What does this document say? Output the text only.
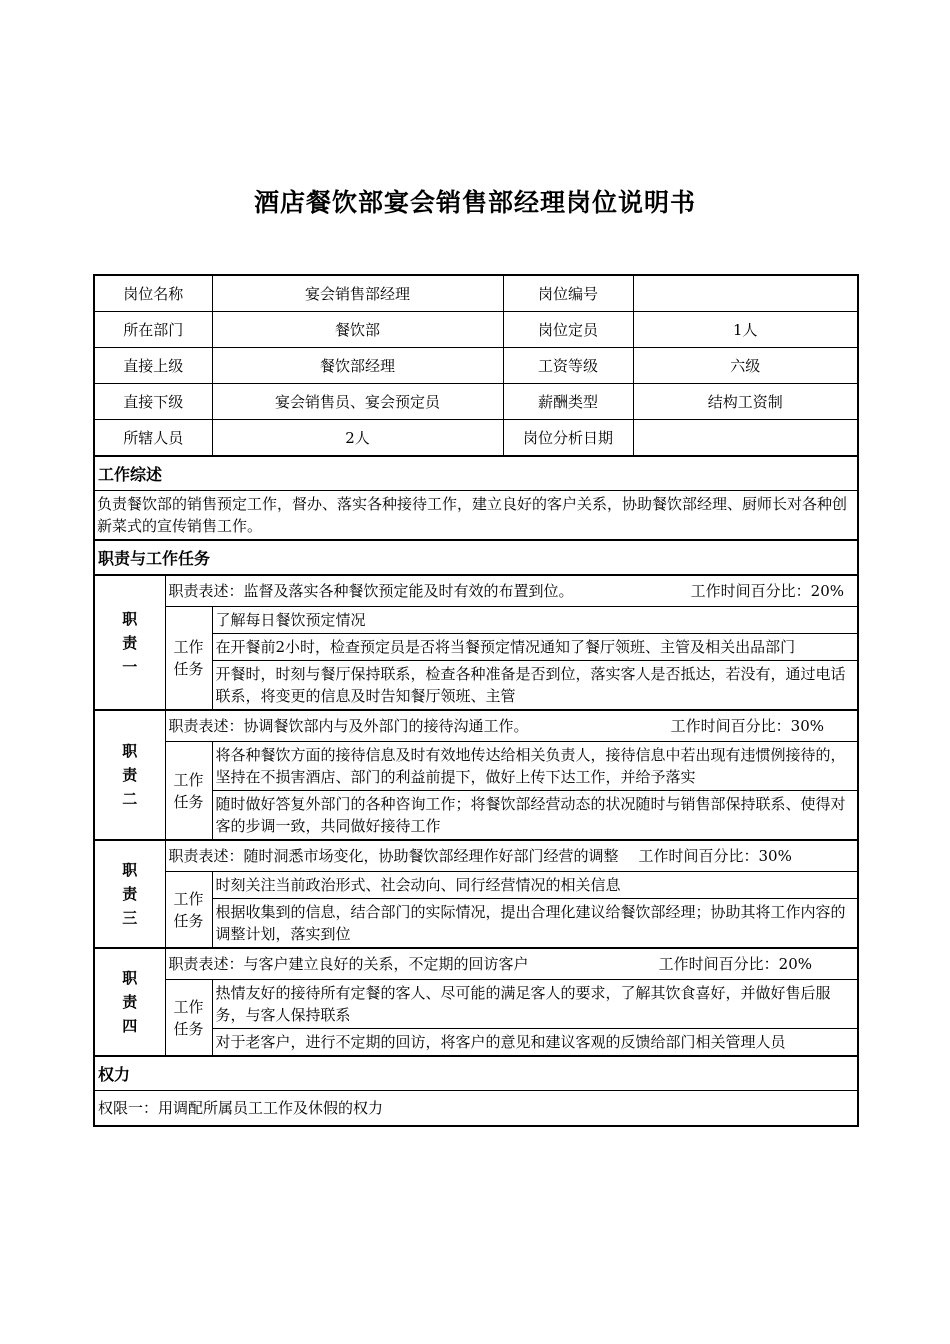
酒店餐饮部宴会销售部经理岗位说明书
岗位名称		宴会销售部经理	岗位编号	
所在部门		餐饮部	岗位定员	1人
直接上级		餐饮部经理	工资等级	六级
直接下级		宴会销售员、宴会预定员	薪酬类型	结构工资制
所辖人员		2人	岗位分析日期	
工作综述				
负责餐饮部的销售预定工作，督办、落实各种接待工作，建立良好的客户关系，协助餐饮部经理、厨师长对各种创新菜式的宣传销售工作。				
职责与工作任务				

职责一	职责表述：监督及落实各种餐饮预定能及时有效的布置到位。 工作时间百分比：20%			

	工作任务	了解每日餐饮预定情况		
		在开餐前2小时，检查预定员是否将当餐预定情况通知了餐厅领班、主管及相关出品部门		
		开餐时，时刻与餐厅保持联系，检查各种准备是否到位，落实客人是否抵达，若没有，通过电话联系，将变更的信息及时告知餐厅领班、主管		

职责二	职责表述：协调餐饮部内与及外部门的接待沟通工作。 工作时间百分比：30%			

	工作任务	将各种餐饮方面的接待信息及时有效地传达给相关负责人，接待信息中若出现有违惯例接待的，坚持在不损害酒店、部门的利益前提下，做好上传下达工作，并给予落实		
		随时做好答复外部门的各种咨询工作；将餐饮部经营动态的状况随时与销售部保持联系、使得对客的步调一致，共同做好接待工作		

职责三	职责表述：随时洞悉市场变化，协助餐饮部经理作好部门经营的调整 工作时间百分比：30%			

	工作任务	时刻关注当前政治形式、社会动向、同行经营情况的相关信息		
		根据收集到的信息，结合部门的实际情况，提出合理化建议给餐饮部经理；协助其将工作内容的调整计划，落实到位		

职责四	职责表述：与客户建立良好的关系，不定期的回访客户 工作时间百分比：20%			

	工作任务	热情友好的接待所有定餐的客人、尽可能的满足客人的要求，了解其饮食喜好，并做好售后服务，与客人保持联系		
		对于老客户，进行不定期的回访，将客户的意见和建议客观的反馈给部门相关管理人员		
权力				
权限一：用调配所属员工工作及休假的权力				
